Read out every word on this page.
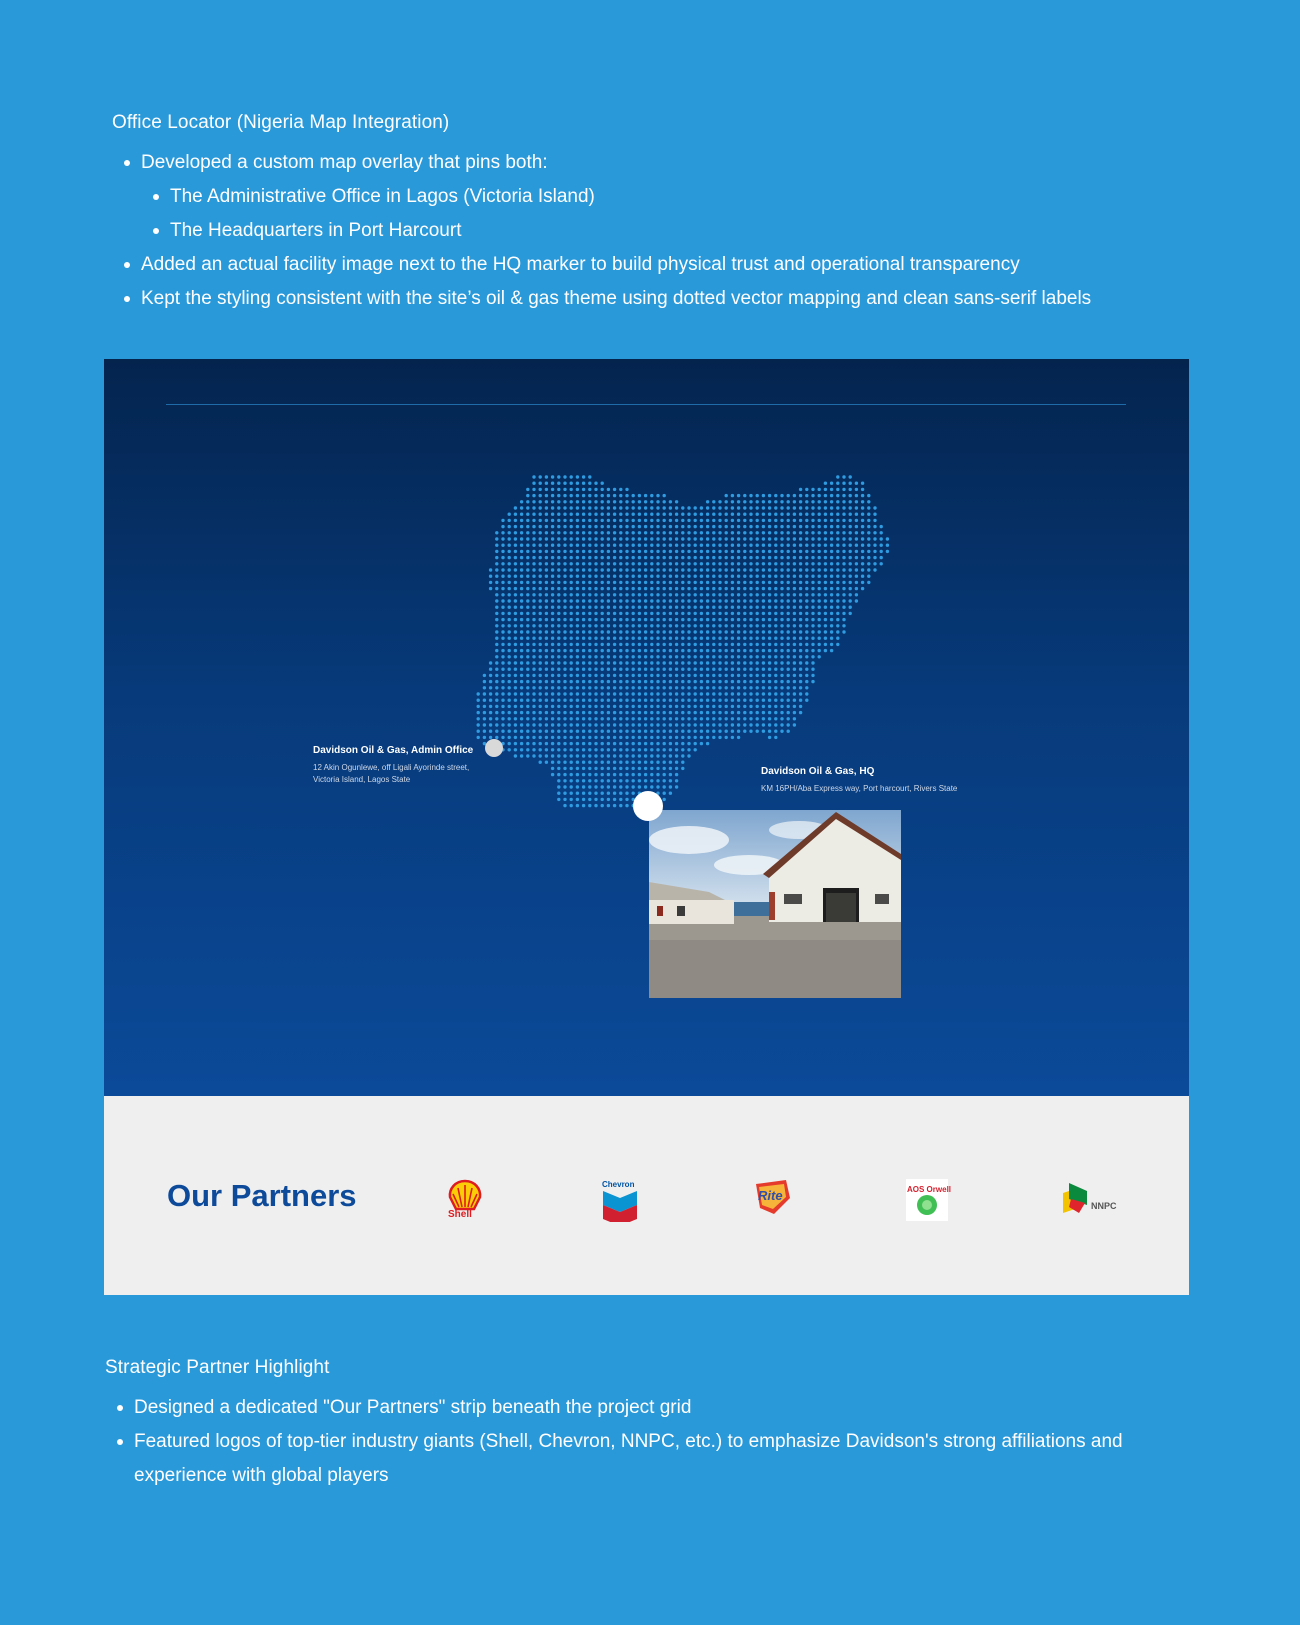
Office Locator (Nigeria Map Integration)
Developed a custom map overlay that pins both:
The Administrative Office in Lagos (Victoria Island)
The Headquarters in Port Harcourt
Added an actual facility image next to the HQ marker to build physical trust and operational transparency
Kept the styling consistent with the site’s oil & gas theme using dotted vector mapping and clean sans-serif labels
Davidson Oil & Gas, Admin Office
12 Akin Ogunlewe, off Ligali Ayorinde street,
Victoria Island, Lagos State
Davidson Oil & Gas, HQ
KM 16PH/Aba Express way, Port harcourt, Rivers State
Our Partners
Shell
Chevron
Rite	AOS Orwell
NNPC
Strategic Partner Highlight
Designed a dedicated "Our Partners" strip beneath the project grid
Featured logos of top-tier industry giants (Shell, Chevron, NNPC, etc.) to emphasize Davidson's strong affiliations and experience with global players
